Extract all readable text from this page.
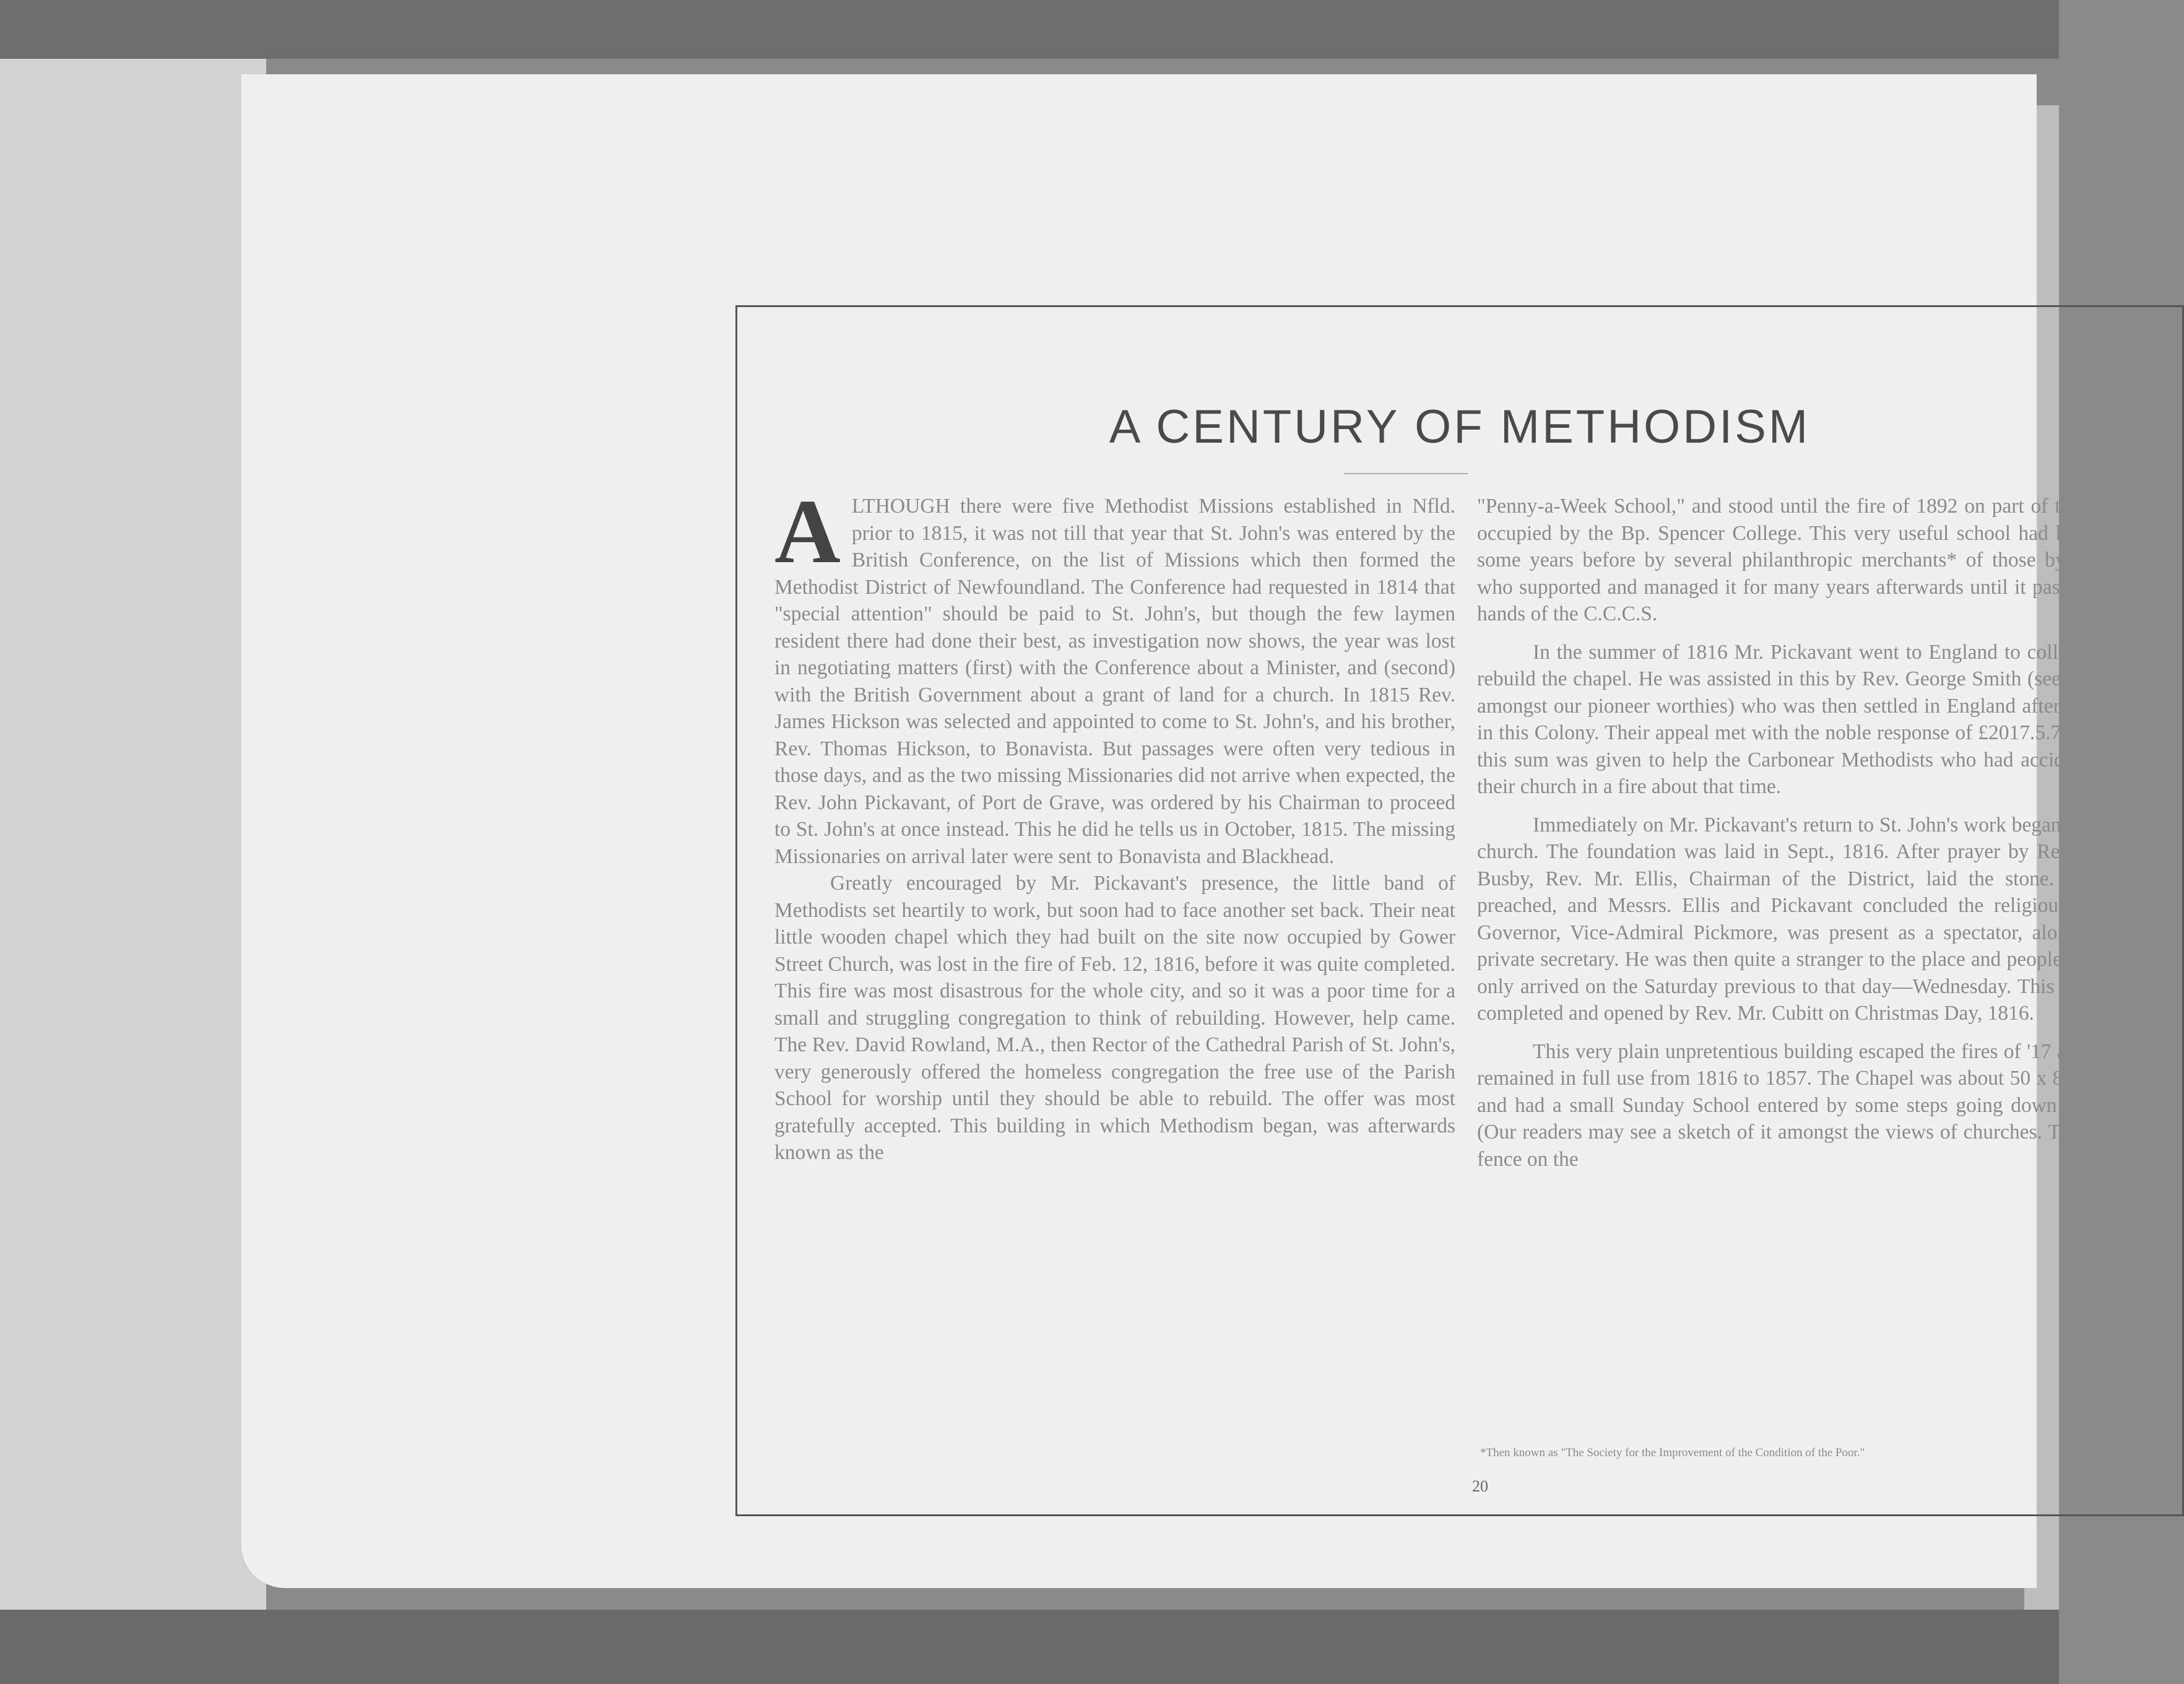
A CENTURY OF METHODISM
A LTHOUGH there were five Methodist Missions established in Nfld. prior to 1815, it was not till that year that St. John's was entered by the British Conference, on the list of Missions which then formed the Methodist District of Newfoundland. The Conference had requested in 1814 that "special attention" should be paid to St. John's, but though the few laymen resident there had done their best, as investigation now shows, the year was lost in negotiating matters (first) with the Conference about a Minister, and (second) with the British Government about a grant of land for a church. In 1815 Rev. James Hickson was selected and appointed to come to St. John's, and his brother, Rev. Thomas Hickson, to Bonavista. But passages were often very tedious in those days, and as the two missing Missionaries did not arrive when expected, the Rev. John Pickavant, of Port de Grave, was ordered by his Chairman to proceed to St. John's at once instead. This he did he tells us in October, 1815. The missing Missionaries on arrival later were sent to Bonavista and Blackhead.

Greatly encouraged by Mr. Pickavant's presence, the little band of Methodists set heartily to work, but soon had to face another set back. Their neat little wooden chapel which they had built on the site now occupied by Gower Street Church, was lost in the fire of Feb. 12, 1816, before it was quite completed. This fire was most disastrous for the whole city, and so it was a poor time for a small and struggling congregation to think of rebuilding. However, help came. The Rev. David Rowland, M.A., then Rector of the Cathedral Parish of St. John's, very generously offered the homeless congregation the free use of the Parish School for worship until they should be able to rebuild. The offer was most gratefully accepted. This building in which Methodism began, was afterwards known as the

"Penny-a-Week School," and stood until the fire of 1892 on part of the site now occupied by the Bp. Spencer College. This very useful school had been started some years before by several philanthropic merchants* of those bygone days, who supported and managed it for many years afterwards until it passed into the hands of the C.C.C.S.

In the summer of 1816 Mr. Pickavant went to England to collect funds to rebuild the chapel. He was assisted in this by Rev. George Smith (see his portrait amongst our pioneer worthies) who was then settled in England after his labours in this Colony. Their appeal met with the noble response of £2017.5.7 stg. Part of this sum was given to help the Carbonear Methodists who had accidentally lost their church in a fire about that time.

Immediately on Mr. Pickavant's return to St. John's work began on the new church. The foundation was laid in Sept., 1816. After prayer by Rev. Sampson Busby, Rev. Mr. Ellis, Chairman of the District, laid the stone. Mr. Cubitt preached, and Messrs. Ellis and Pickavant concluded the religious exercises. Governor, Vice-Admiral Pickmore, was present as a spectator, along with his private secretary. He was then quite a stranger to the place and people, for he had only arrived on the Saturday previous to that day—Wednesday. This Chapel was completed and opened by Rev. Mr. Cubitt on Christmas Day, 1816.

This very plain unpretentious building escaped the fires of '17 and '46, and remained in full use from 1816 to 1857. The Chapel was about 50 x 80 feet long, and had a small Sunday School entered by some steps going down in the rear. (Our readers may see a sketch of it amongst the views of churches. The wall and fence on the

*Then known as "The Society for the Improvement of the Condition of the Poor."
20
